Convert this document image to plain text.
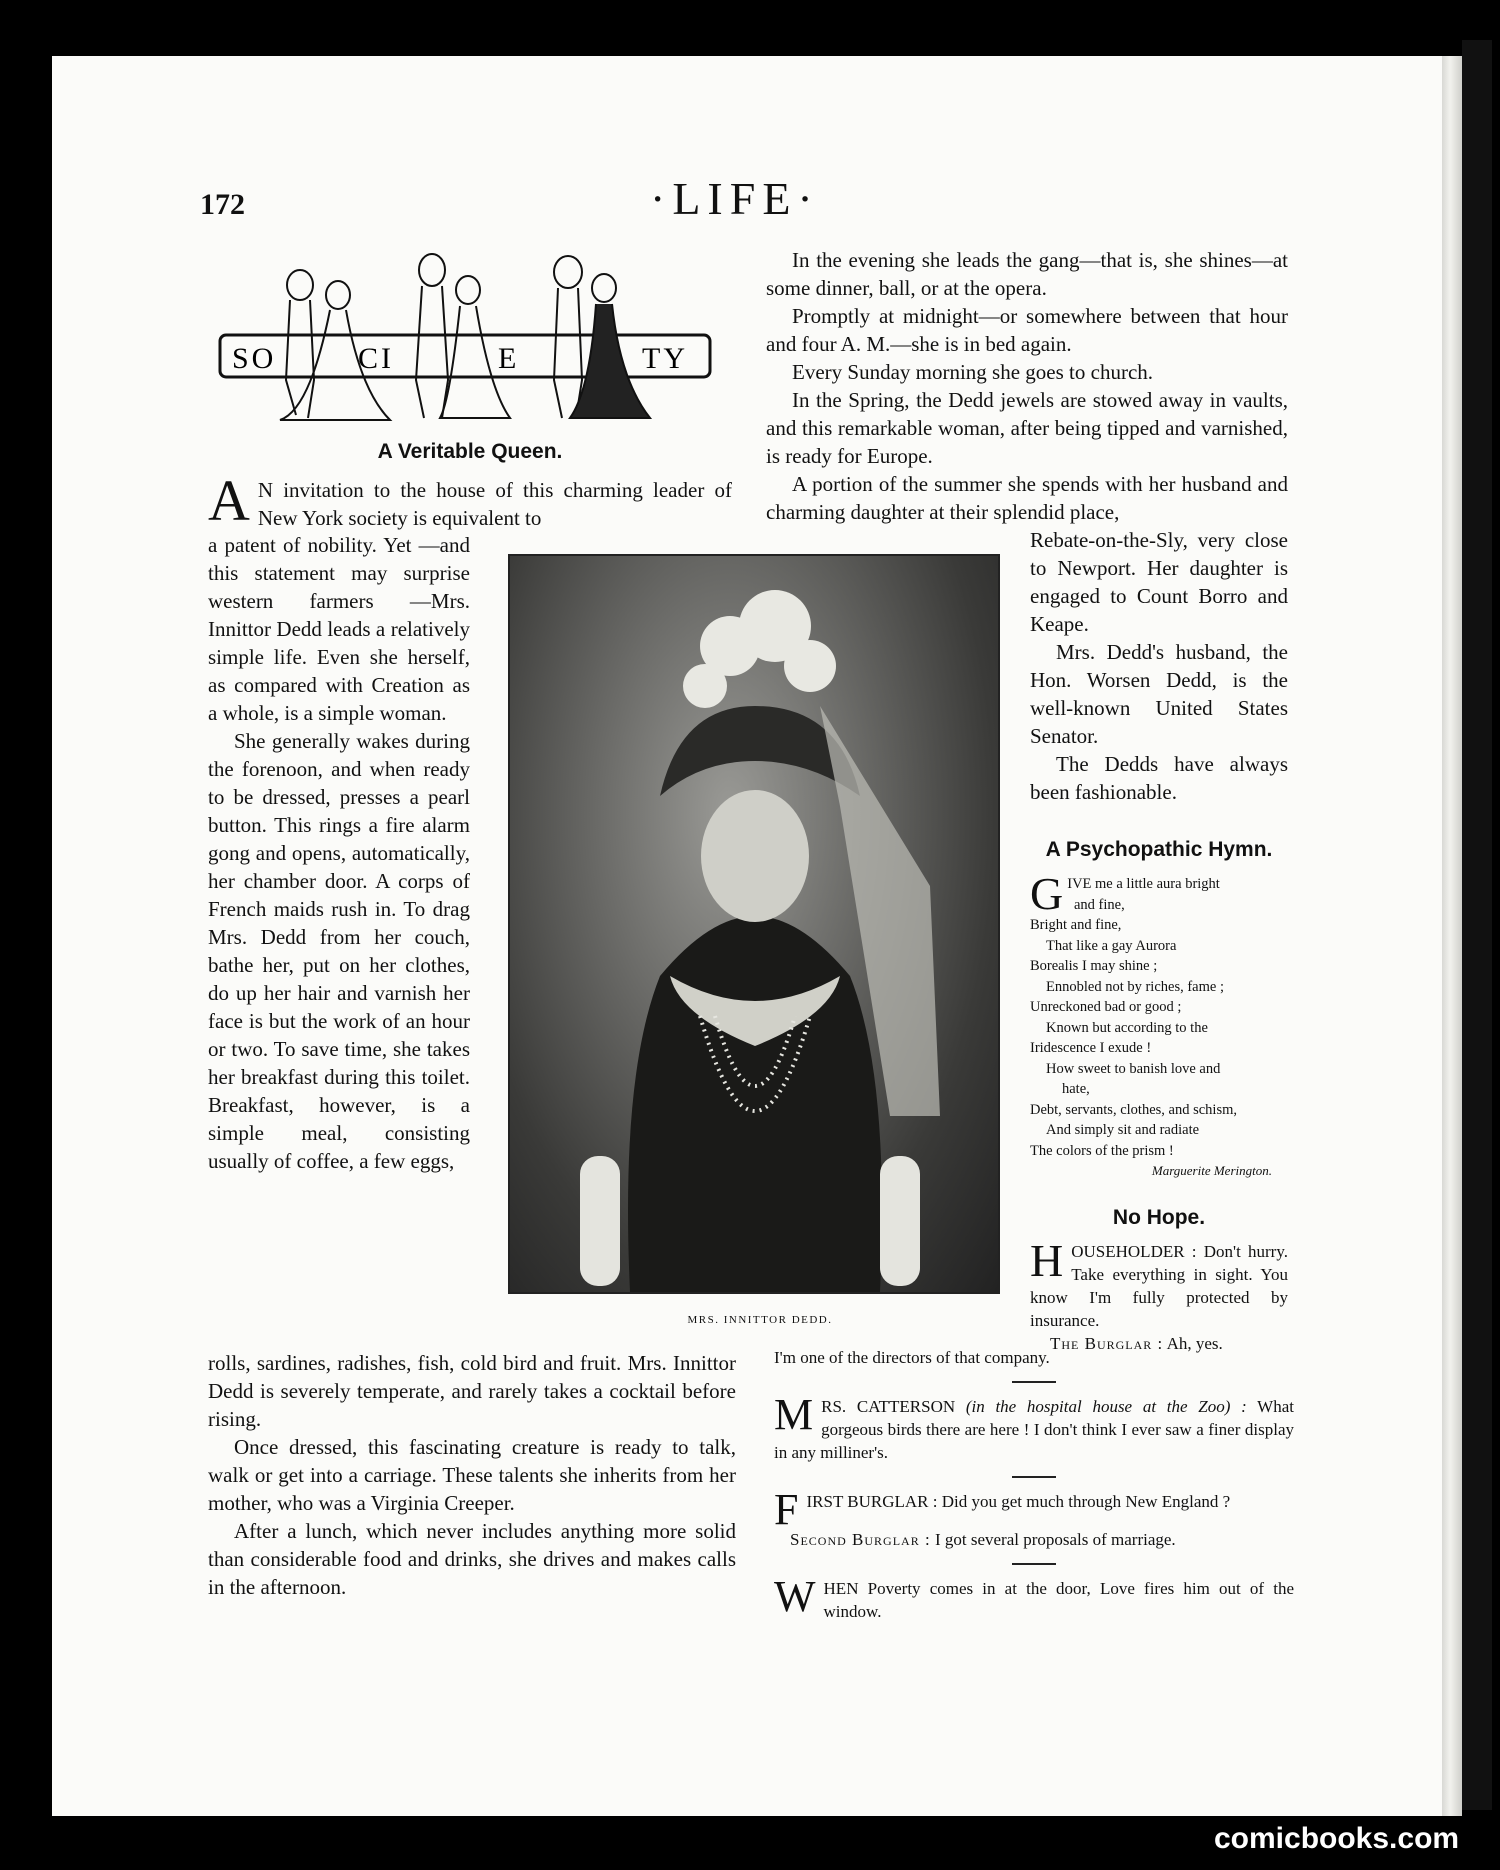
172	·LIFE·
SO	CI	E	TY
A Veritable Queen.

A N invitation to the house of this charming leader of New York society is equivalent to

a patent of nobility. Yet —and this statement may surprise western farmers —Mrs. Innittor Dedd leads a relatively simple life. Even she herself, as compared with Creation as a whole, is a simple woman.

She generally wakes during the forenoon, and when ready to be dressed, presses a pearl button. This rings a fire alarm gong and opens, automatically, her chamber door. A corps of French maids rush in. To drag Mrs. Dedd from her couch, bathe her, put on her clothes, do up her hair and varnish her face is but the work of an hour or two. To save time, she takes her breakfast during this toilet. Breakfast, however, is a simple meal, consisting usually of coffee, a few eggs,

rolls, sardines, radishes, fish, cold bird and fruit. Mrs. Innittor Dedd is severely temperate, and rarely takes a cocktail before rising.

Once dressed, this fascinating creature is ready to talk, walk or get into a carriage. These talents she inherits from her mother, who was a Virginia Creeper.

After a lunch, which never includes anything more solid than considerable food and drinks, she drives and makes calls in the afternoon.

MRS. INNITTOR DEDD.

In the evening she leads the gang—that is, she shines—at some dinner, ball, or at the opera.

Promptly at midnight—or somewhere between that hour and four A. M.—she is in bed again.

Every Sunday morning she goes to church.

In the Spring, the Dedd jewels are stowed away in vaults, and this remarkable woman, after being tipped and varnished, is ready for Europe.

A portion of the summer she spends with her husband and charming daughter at their splendid place,

Rebate-on-the-Sly, very close to Newport. Her daughter is engaged to Count Borro and Keape.

Mrs. Dedd's husband, the Hon. Worsen Dedd, is the well-known United States Senator.

The Dedds have always been fashionable.

A Psychopathic Hymn.
G IVE me a little aura bright
and fine,
Bright and fine,
That like a gay Aurora
Borealis I may shine ;
Ennobled not by riches, fame ;
Unreckoned bad or good ;
Known but according to the
Iridescence I exude !
How sweet to banish love and
hate,
Debt, servants, clothes, and schism,
And simply sit and radiate
The colors of the prism !
Marguerite Merington.
No Hope.
HOUSEHOLDER : Don't hurry. Take everything in sight. You know I'm fully protected by insurance.
The Burglar : Ah, yes.
I'm one of the directors of that company.
MRS. CATTERSON (in the hospital house at the Zoo) : What gorgeous birds there are here ! I don't think I ever saw a finer display in any milliner's.
FIRST BURGLAR : Did you get much through New England ?
Second Burglar : I got several proposals of marriage.
WHEN Poverty comes in at the door, Love fires him out of the window.
comicbooks.com
